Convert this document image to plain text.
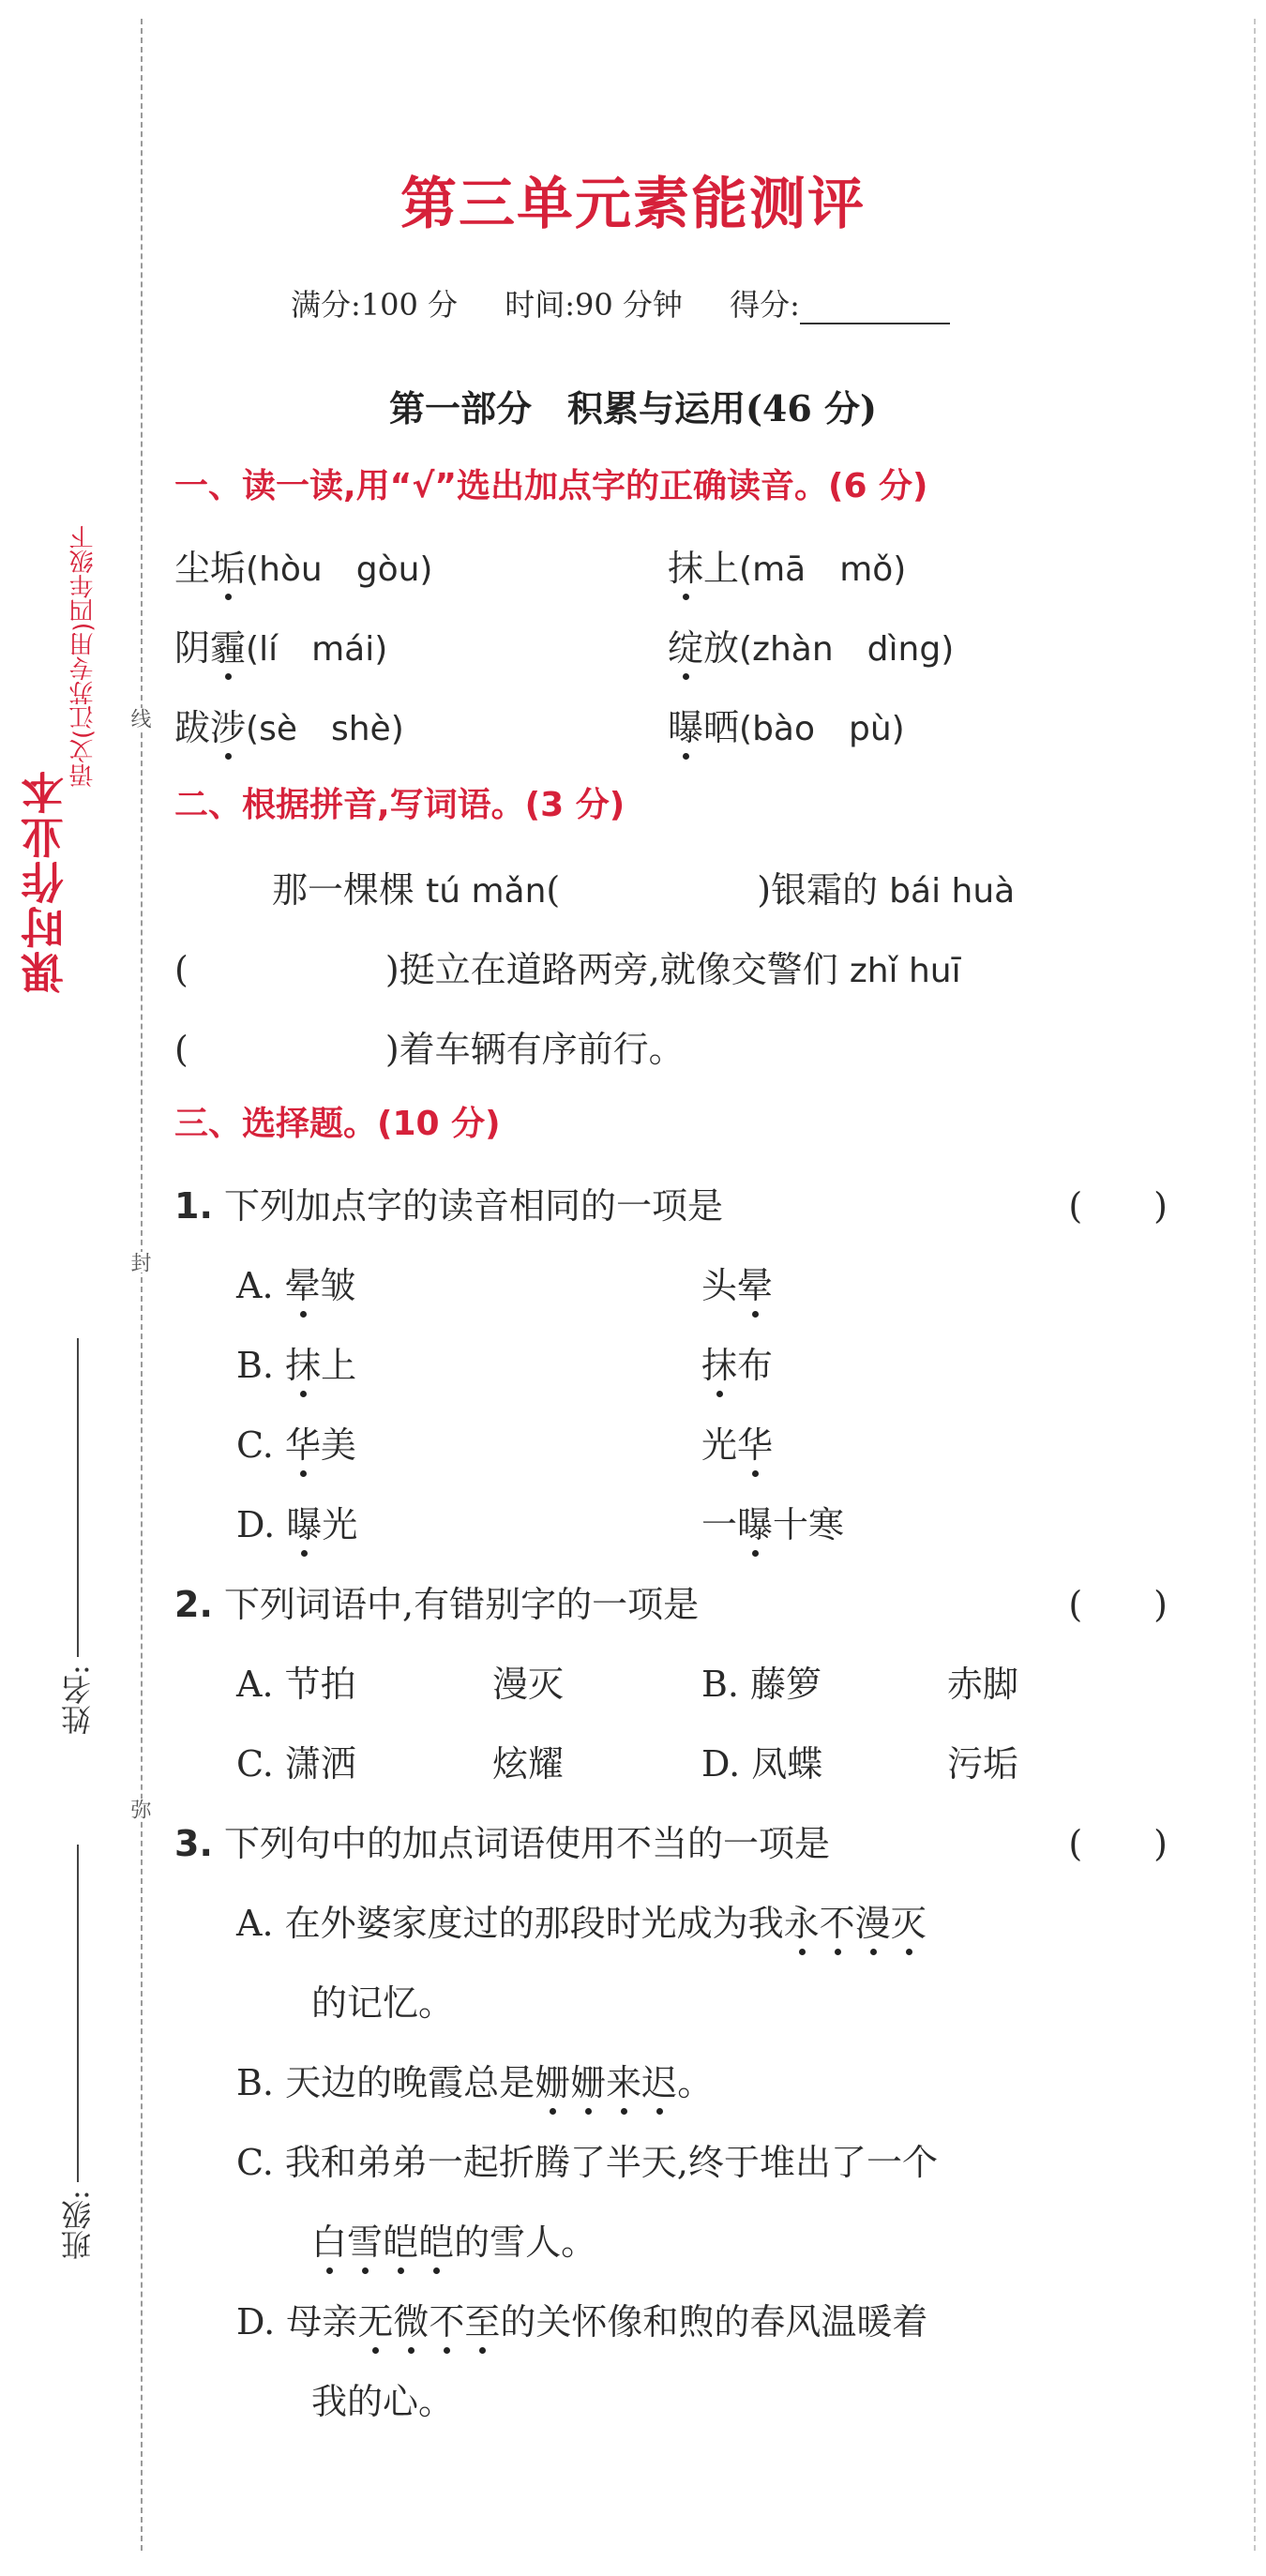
语文(江苏专用)四年级下
课时作业本
线
封
弥
姓名:
班级:
第三单元素能测评
满分:100 分 时间:90 分钟 得分:
第一部分　积累与运用(46 分)
一、读一读,用“√”选出加点字的正确读音。(6 分)
尘垢(hòu　gòu)	抹上(mā　mǒ)
阴霾(lí　mái)	绽放(zhàn　dìng)
跋涉(sè　shè)	曝晒(bào　pù)
二、根据拼音,写词语。(3 分)
那一棵棵 tú mǎn(	)银霜的 bái huà
(	)挺立在道路两旁,就像交警们 zhǐ huī
(	)着车辆有序前行。
三、选择题。(10 分)
1. 下列加点字的读音相同的一项是	(　　)
A. 晕皱	头晕
B. 抹上	抹布
C. 华美	光华
D. 曝光	一曝十寒
2. 下列词语中,有错别字的一项是	(　　)
A. 节拍	漫灭	B. 藤箩	赤脚
C. 潇洒	炫耀	D. 凤蝶	污垢
3. 下列句中的加点词语使用不当的一项是	(　　)
A. 在外婆家度过的那段时光成为我永不漫灭
的记忆。
B. 天边的晚霞总是姗姗来迟。
C. 我和弟弟一起折腾了半天,终于堆出了一个
白雪皑皑的雪人。
D. 母亲无微不至的关怀像和煦的春风温暖着
我的心。
